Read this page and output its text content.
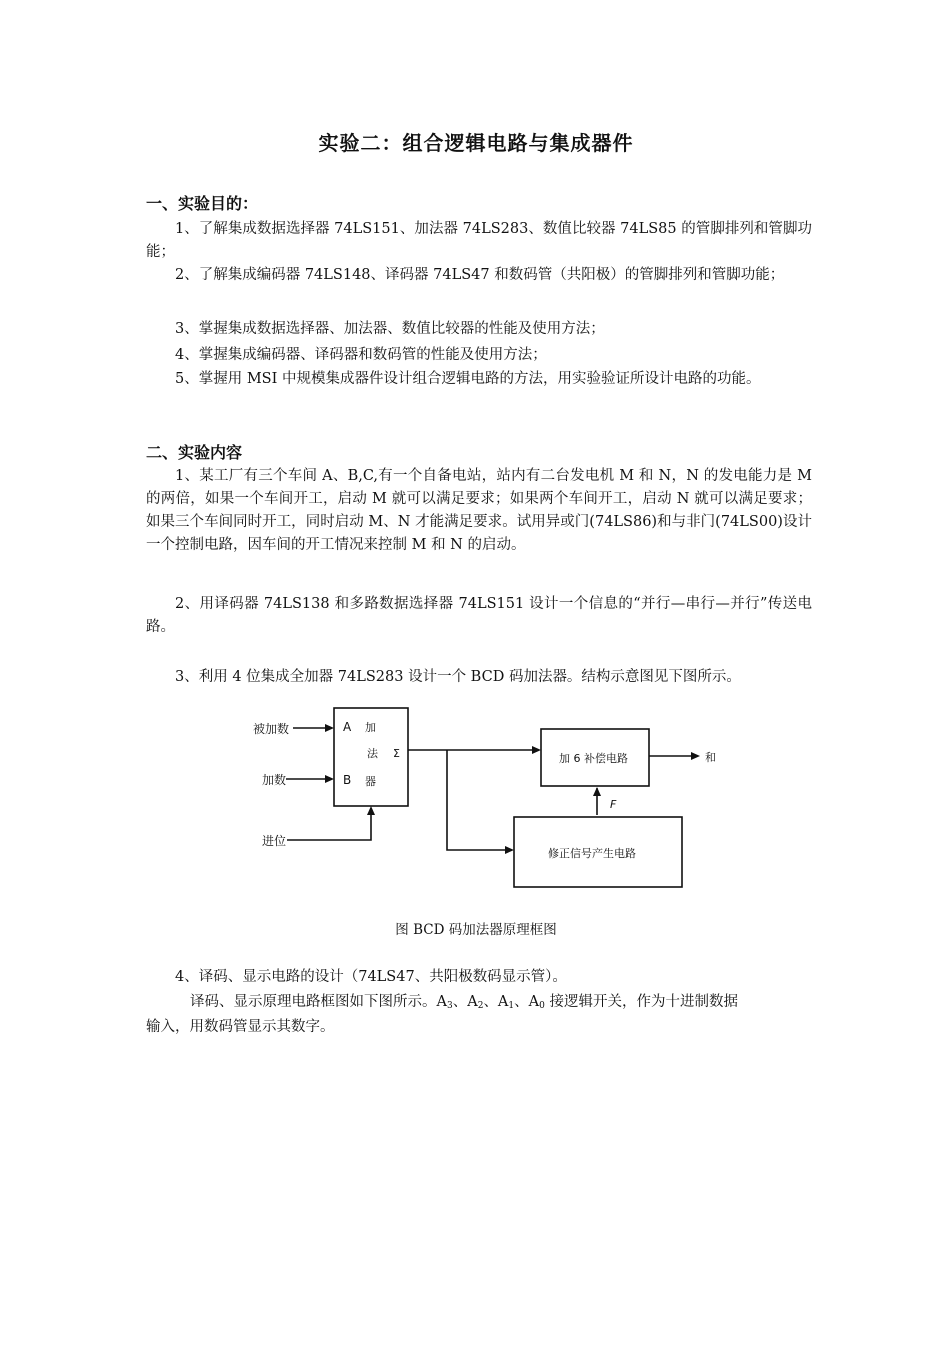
实验二：组合逻辑电路与集成器件
一、实验目的：
1、了解集成数据选择器 74LS151、加法器 74LS283、数值比较器 74LS85 的管脚排列和管脚功能；
2、了解集成编码器 74LS148、译码器 74LS47 和数码管（共阳极）的管脚排列和管脚功能；
3、掌握集成数据选择器、加法器、数值比较器的性能及使用方法；
4、掌握集成编码器、译码器和数码管的性能及使用方法；
5、掌握用 MSI 中规模集成器件设计组合逻辑电路的方法，用实验验证所设计电路的功能。
二、实验内容
1、某工厂有三个车间 A、B,C,有一个自备电站，站内有二台发电机 M 和 N，N 的发电能力是 M 的两倍，如果一个车间开工，启动 M 就可以满足要求；如果两个车间开工，启动 N 就可以满足要求；如果三个车间同时开工，同时启动 M、N 才能满足要求。试用异或门(74LS86)和与非门(74LS00)设计一个控制电路，因车间的开工情况来控制 M 和 N 的启动。
2、用译码器 74LS138 和多路数据选择器 74LS151 设计一个信息的“并行—串行—并行”传送电路。
3、利用 4 位集成全加器 74LS283 设计一个 BCD 码加法器。结构示意图见下图所示。
被加数
加数
进位
A
B
加
法
器
Σ	加 6 补偿电路	和
F
修正信号产生电路
图 BCD 码加法器原理框图
4、译码、显示电路的设计（74LS47、共阳极数码显示管）。
译码、显示原理电路框图如下图所示。$A_3$、$A_2$、$A_1$、$A_0$ 接逻辑开关，作为十进制数据
输入，用数码管显示其数字。
